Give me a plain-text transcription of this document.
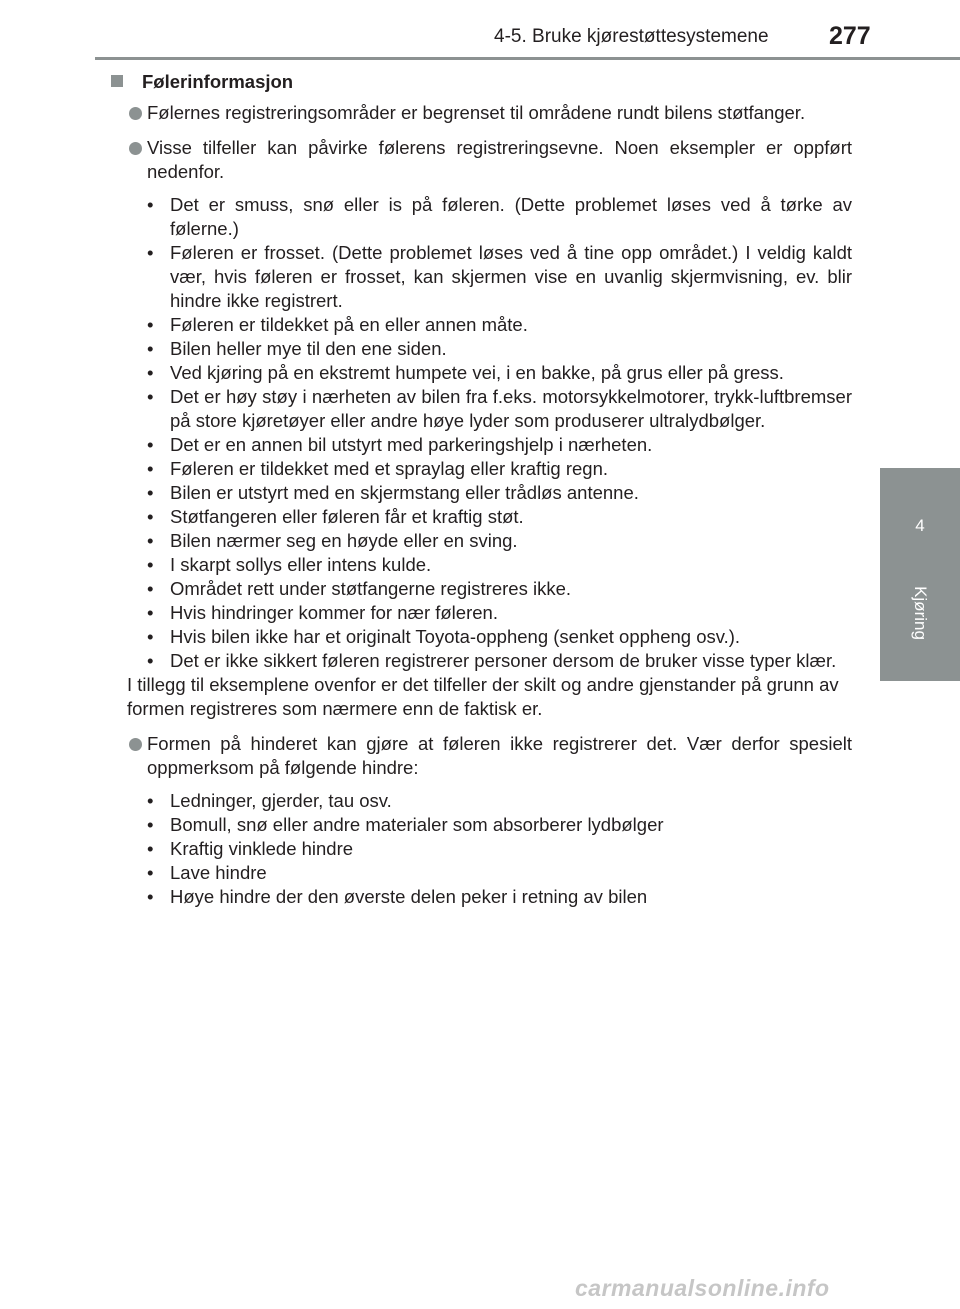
4-5. Bruke kjørestøttesystemene 277
4
Kjøring
Følerinformasjon
Følernes registreringsområder er begrenset til områdene rundt bilens støtfanger.
Visse tilfeller kan påvirke følerens registreringsevne. Noen eksempler er oppført nedenfor.
• Det er smuss, snø eller is på føleren. (Dette problemet løses ved å tørke av følerne.)
• Føleren er frosset. (Dette problemet løses ved å tine opp området.) I veldig kaldt vær, hvis føleren er frosset, kan skjermen vise en uvanlig skjermvisning, ev. blir hindre ikke registrert.
• Føleren er tildekket på en eller annen måte.
• Bilen heller mye til den ene siden.
• Ved kjøring på en ekstremt humpete vei, i en bakke, på grus eller på gress.
• Det er høy støy i nærheten av bilen fra f.eks. motorsykkelmotorer, trykk-luftbremser på store kjøretøyer eller andre høye lyder som produserer ultralydbølger.
• Det er en annen bil utstyrt med parkeringshjelp i nærheten.
• Føleren er tildekket med et spraylag eller kraftig regn.
• Bilen er utstyrt med en skjermstang eller trådløs antenne.
• Støtfangeren eller føleren får et kraftig støt.
• Bilen nærmer seg en høyde eller en sving.
• I skarpt sollys eller intens kulde.
• Området rett under støtfangerne registreres ikke.
• Hvis hindringer kommer for nær føleren.
• Hvis bilen ikke har et originalt Toyota-oppheng (senket oppheng osv.).
• Det er ikke sikkert føleren registrerer personer dersom de bruker visse typer klær.
I tillegg til eksemplene ovenfor er det tilfeller der skilt og andre gjenstander på grunn av formen registreres som nærmere enn de faktisk er.
Formen på hinderet kan gjøre at føleren ikke registrerer det. Vær derfor spesielt oppmerksom på følgende hindre:
• Ledninger, gjerder, tau osv.
• Bomull, snø eller andre materialer som absorberer lydbølger
• Kraftig vinklede hindre
• Lave hindre
• Høye hindre der den øverste delen peker i retning av bilen
carmanualsonline.info
